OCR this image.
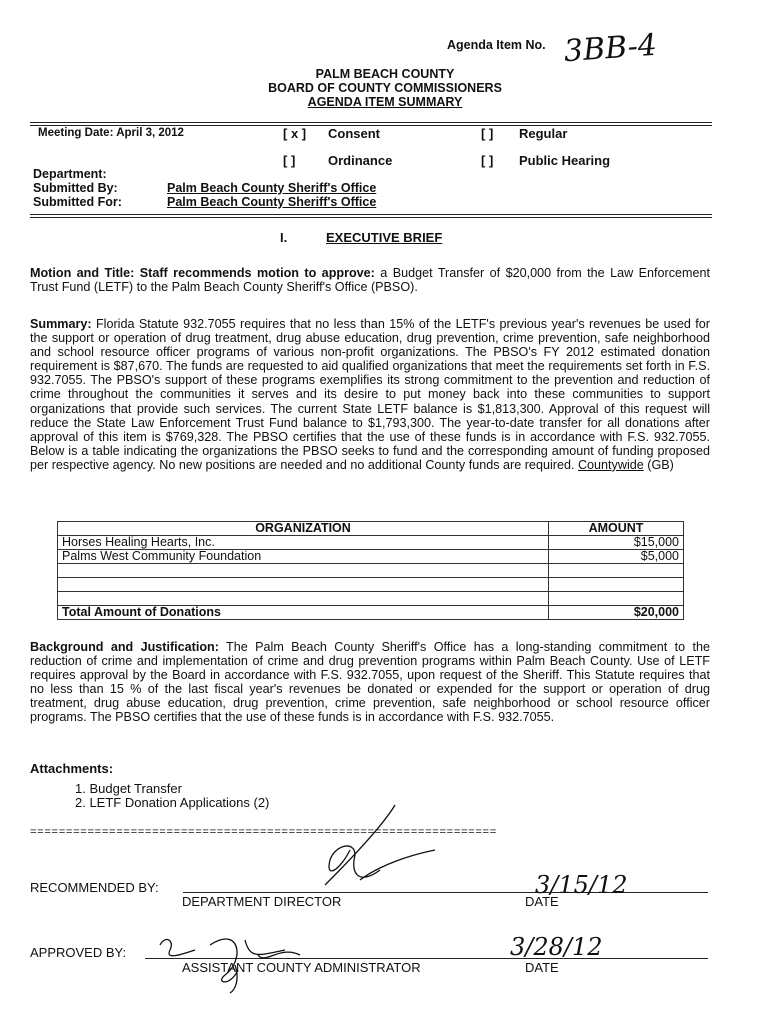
Agenda Item No. 3BB-4
PALM BEACH COUNTY
BOARD OF COUNTY COMMISSIONERS
AGENDA ITEM SUMMARY
Meeting Date: April 3, 2012	[ x ] Consent	[ ] Regular
[ ]	Ordinance	[ ] Public Hearing
Department:
Submitted By:	Palm Beach County Sheriff's Office
Submitted For:	Palm Beach County Sheriff's Office
I.	EXECUTIVE BRIEF
Motion and Title: Staff recommends motion to approve: a Budget Transfer of $20,000 from the Law Enforcement Trust Fund (LETF) to the Palm Beach County Sheriff's Office (PBSO).
Summary: Florida Statute 932.7055 requires that no less than 15% of the LETF's previous year's revenues be used for the support or operation of drug treatment, drug abuse education, drug prevention, crime prevention, safe neighborhood and school resource officer programs of various non-profit organizations. The PBSO's FY 2012 estimated donation requirement is $87,670. The funds are requested to aid qualified organizations that meet the requirements set forth in F.S. 932.7055. The PBSO's support of these programs exemplifies its strong commitment to the prevention and reduction of crime throughout the communities it serves and its desire to put money back into these communities to support organizations that provide such services. The current State LETF balance is $1,813,300. Approval of this request will reduce the State Law Enforcement Trust Fund balance to $1,793,300. The year-to-date transfer for all donations after approval of this item is $769,328. The PBSO certifies that the use of these funds is in accordance with F.S. 932.7055. Below is a table indicating the organizations the PBSO seeks to fund and the corresponding amount of funding proposed per respective agency. No new positions are needed and no additional County funds are required. Countywide (GB)
ORGANIZATION	AMOUNT
Horses Healing Hearts, Inc.	$15,000
Palms West Community Foundation	$5,000

Total Amount of Donations	$20,000
Background and Justification: The Palm Beach County Sheriff's Office has a long-standing commitment to the reduction of crime and implementation of crime and drug prevention programs within Palm Beach County. Use of LETF requires approval by the Board in accordance with F.S. 932.7055, upon request of the Sheriff. This Statute requires that no less than 15 % of the last fiscal year's revenues be donated or expended for the support or operation of drug treatment, drug abuse education, drug prevention, crime prevention, safe neighborhood or school resource officer programs. The PBSO certifies that the use of these funds is in accordance with F.S. 932.7055.
Attachments:
1. Budget Transfer
2. LETF Donation Applications (2)
=================================================================
RECOMMENDED BY:
DEPARTMENT DIRECTOR	DATE
3/15/12
APPROVED BY:
ASSISTANT COUNTY ADMINISTRATOR	DATE
3/28/12
